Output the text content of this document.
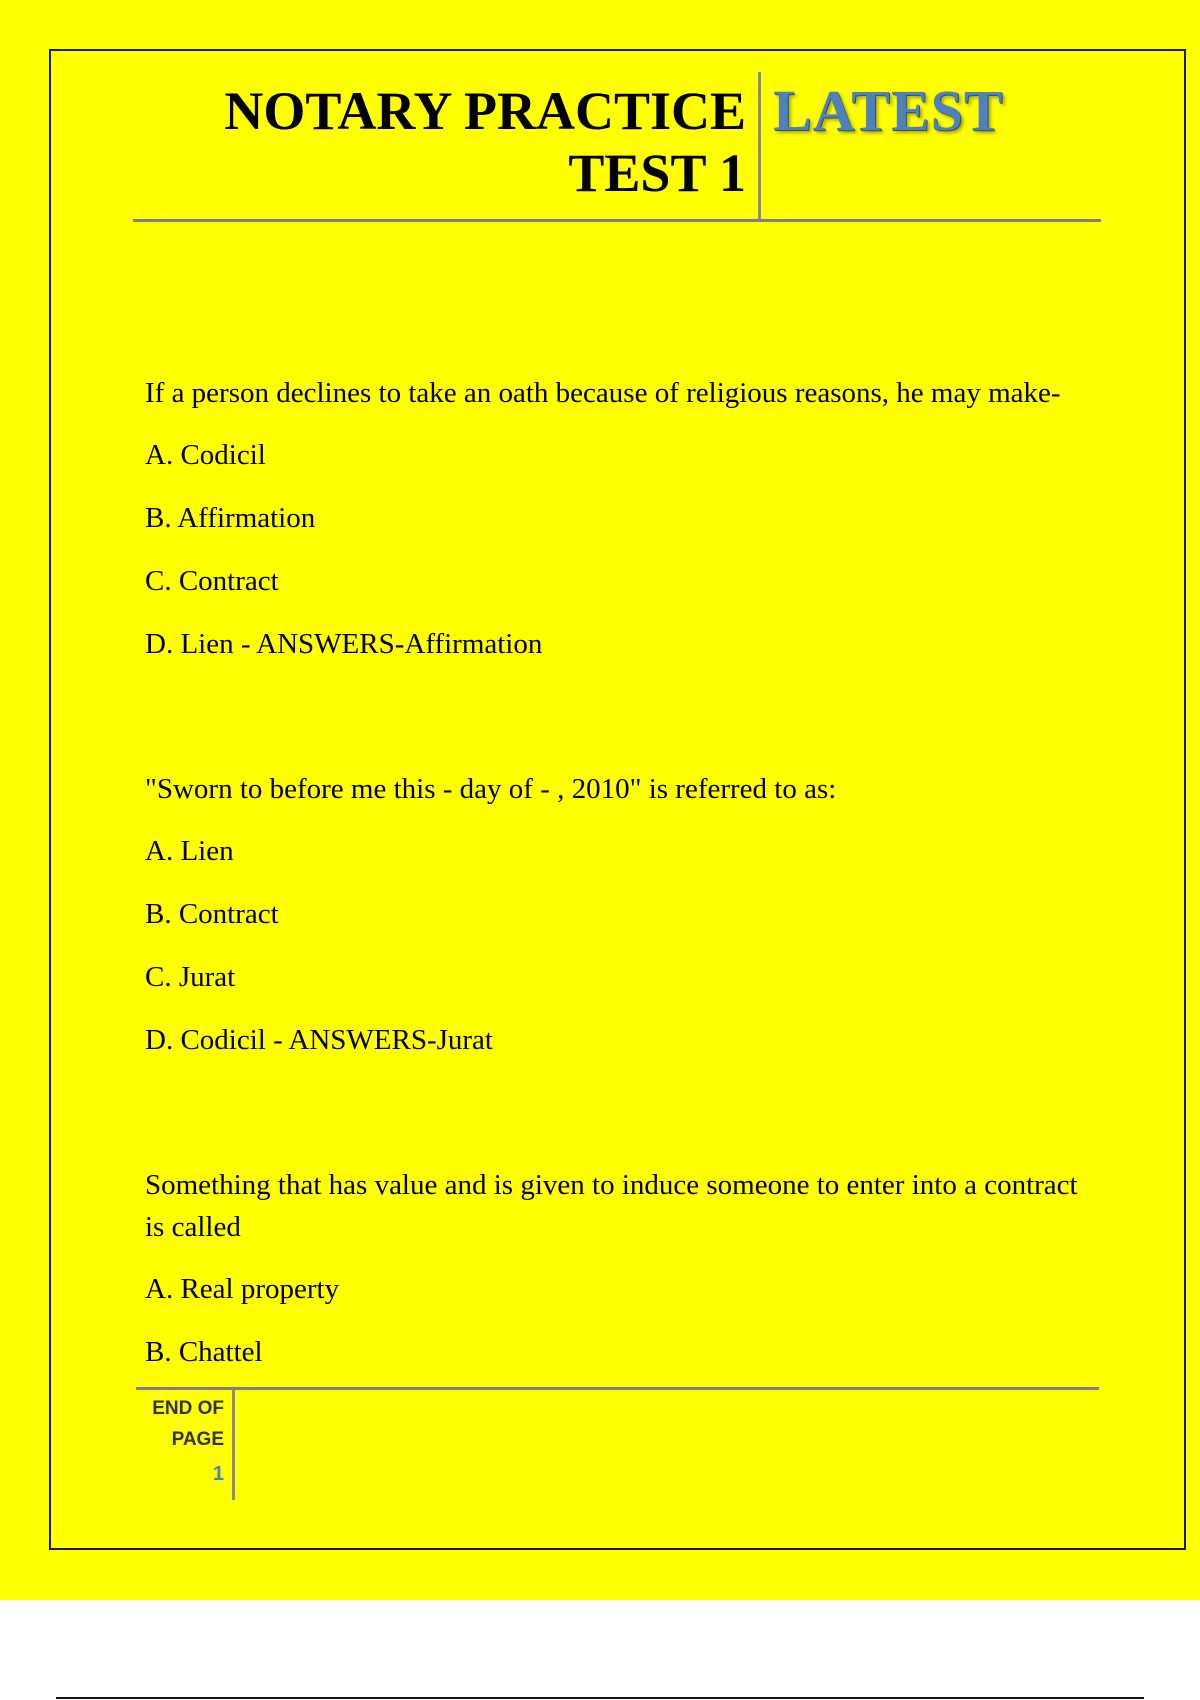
NOTARY PRACTICE
TEST 1
LATEST

If a person declines to take an oath because of religious reasons, he may make-

A. Codicil

B. Affirmation

C. Contract

D. Lien - ANSWERS-Affirmation

"Sworn to before me this - day of - , 2010" is referred to as:

A. Lien

B. Contract

C. Jurat

D. Codicil - ANSWERS-Jurat

Something that has value and is given to induce someone to enter into a contract is called

A. Real property

B. Chattel

END OF
PAGE
1
